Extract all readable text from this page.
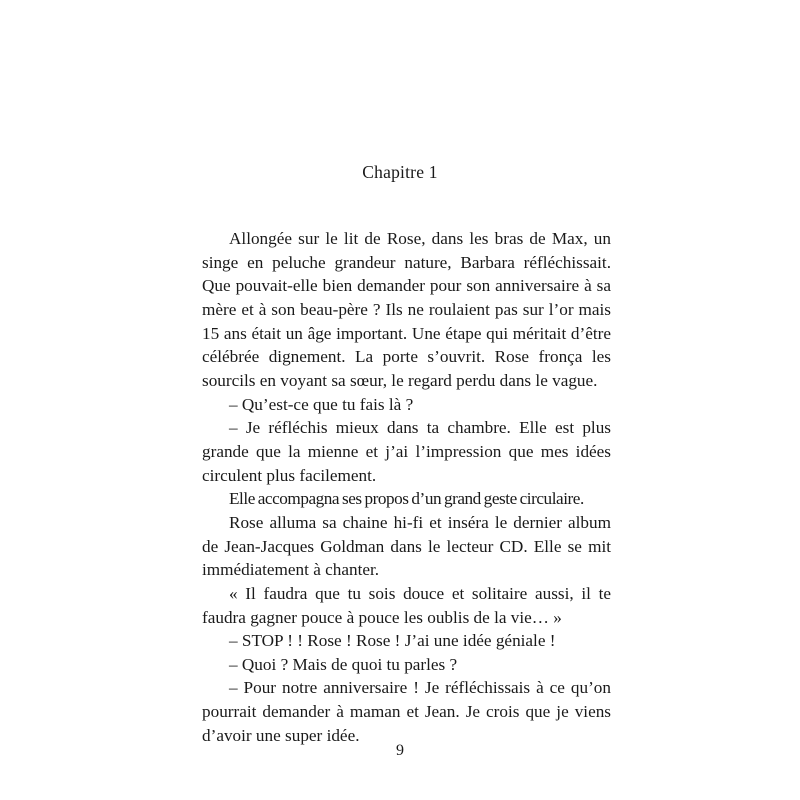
Chapitre 1

Allongée sur le lit de Rose, dans les bras de Max, un singe en peluche grandeur nature, Barbara réfléchissait. Que pouvait-elle bien demander pour son anniversaire à sa mère et à son beau-père ? Ils ne roulaient pas sur l’or mais 15 ans était un âge important. Une étape qui méritait d’être célébrée dignement. La porte s’ouvrit. Rose fronça les sourcils en voyant sa sœur, le regard perdu dans le vague.

– Qu’est-ce que tu fais là ?

– Je réfléchis mieux dans ta chambre. Elle est plus grande que la mienne et j’ai l’impression que mes idées circulent plus facilement.

Elle accompagna ses propos d’un grand geste circulaire.

Rose alluma sa chaine hi-fi et inséra le dernier album de Jean-Jacques Goldman dans le lecteur CD. Elle se mit immédiatement à chanter.

« Il faudra que tu sois douce et solitaire aussi, il te faudra gagner pouce à pouce les oublis de la vie… »

– STOP ! ! Rose ! Rose ! J’ai une idée géniale !

– Quoi ? Mais de quoi tu parles ?

– Pour notre anniversaire ! Je réfléchissais à ce qu’on pourrait demander à maman et Jean. Je crois que je viens d’avoir une super idée.

9
